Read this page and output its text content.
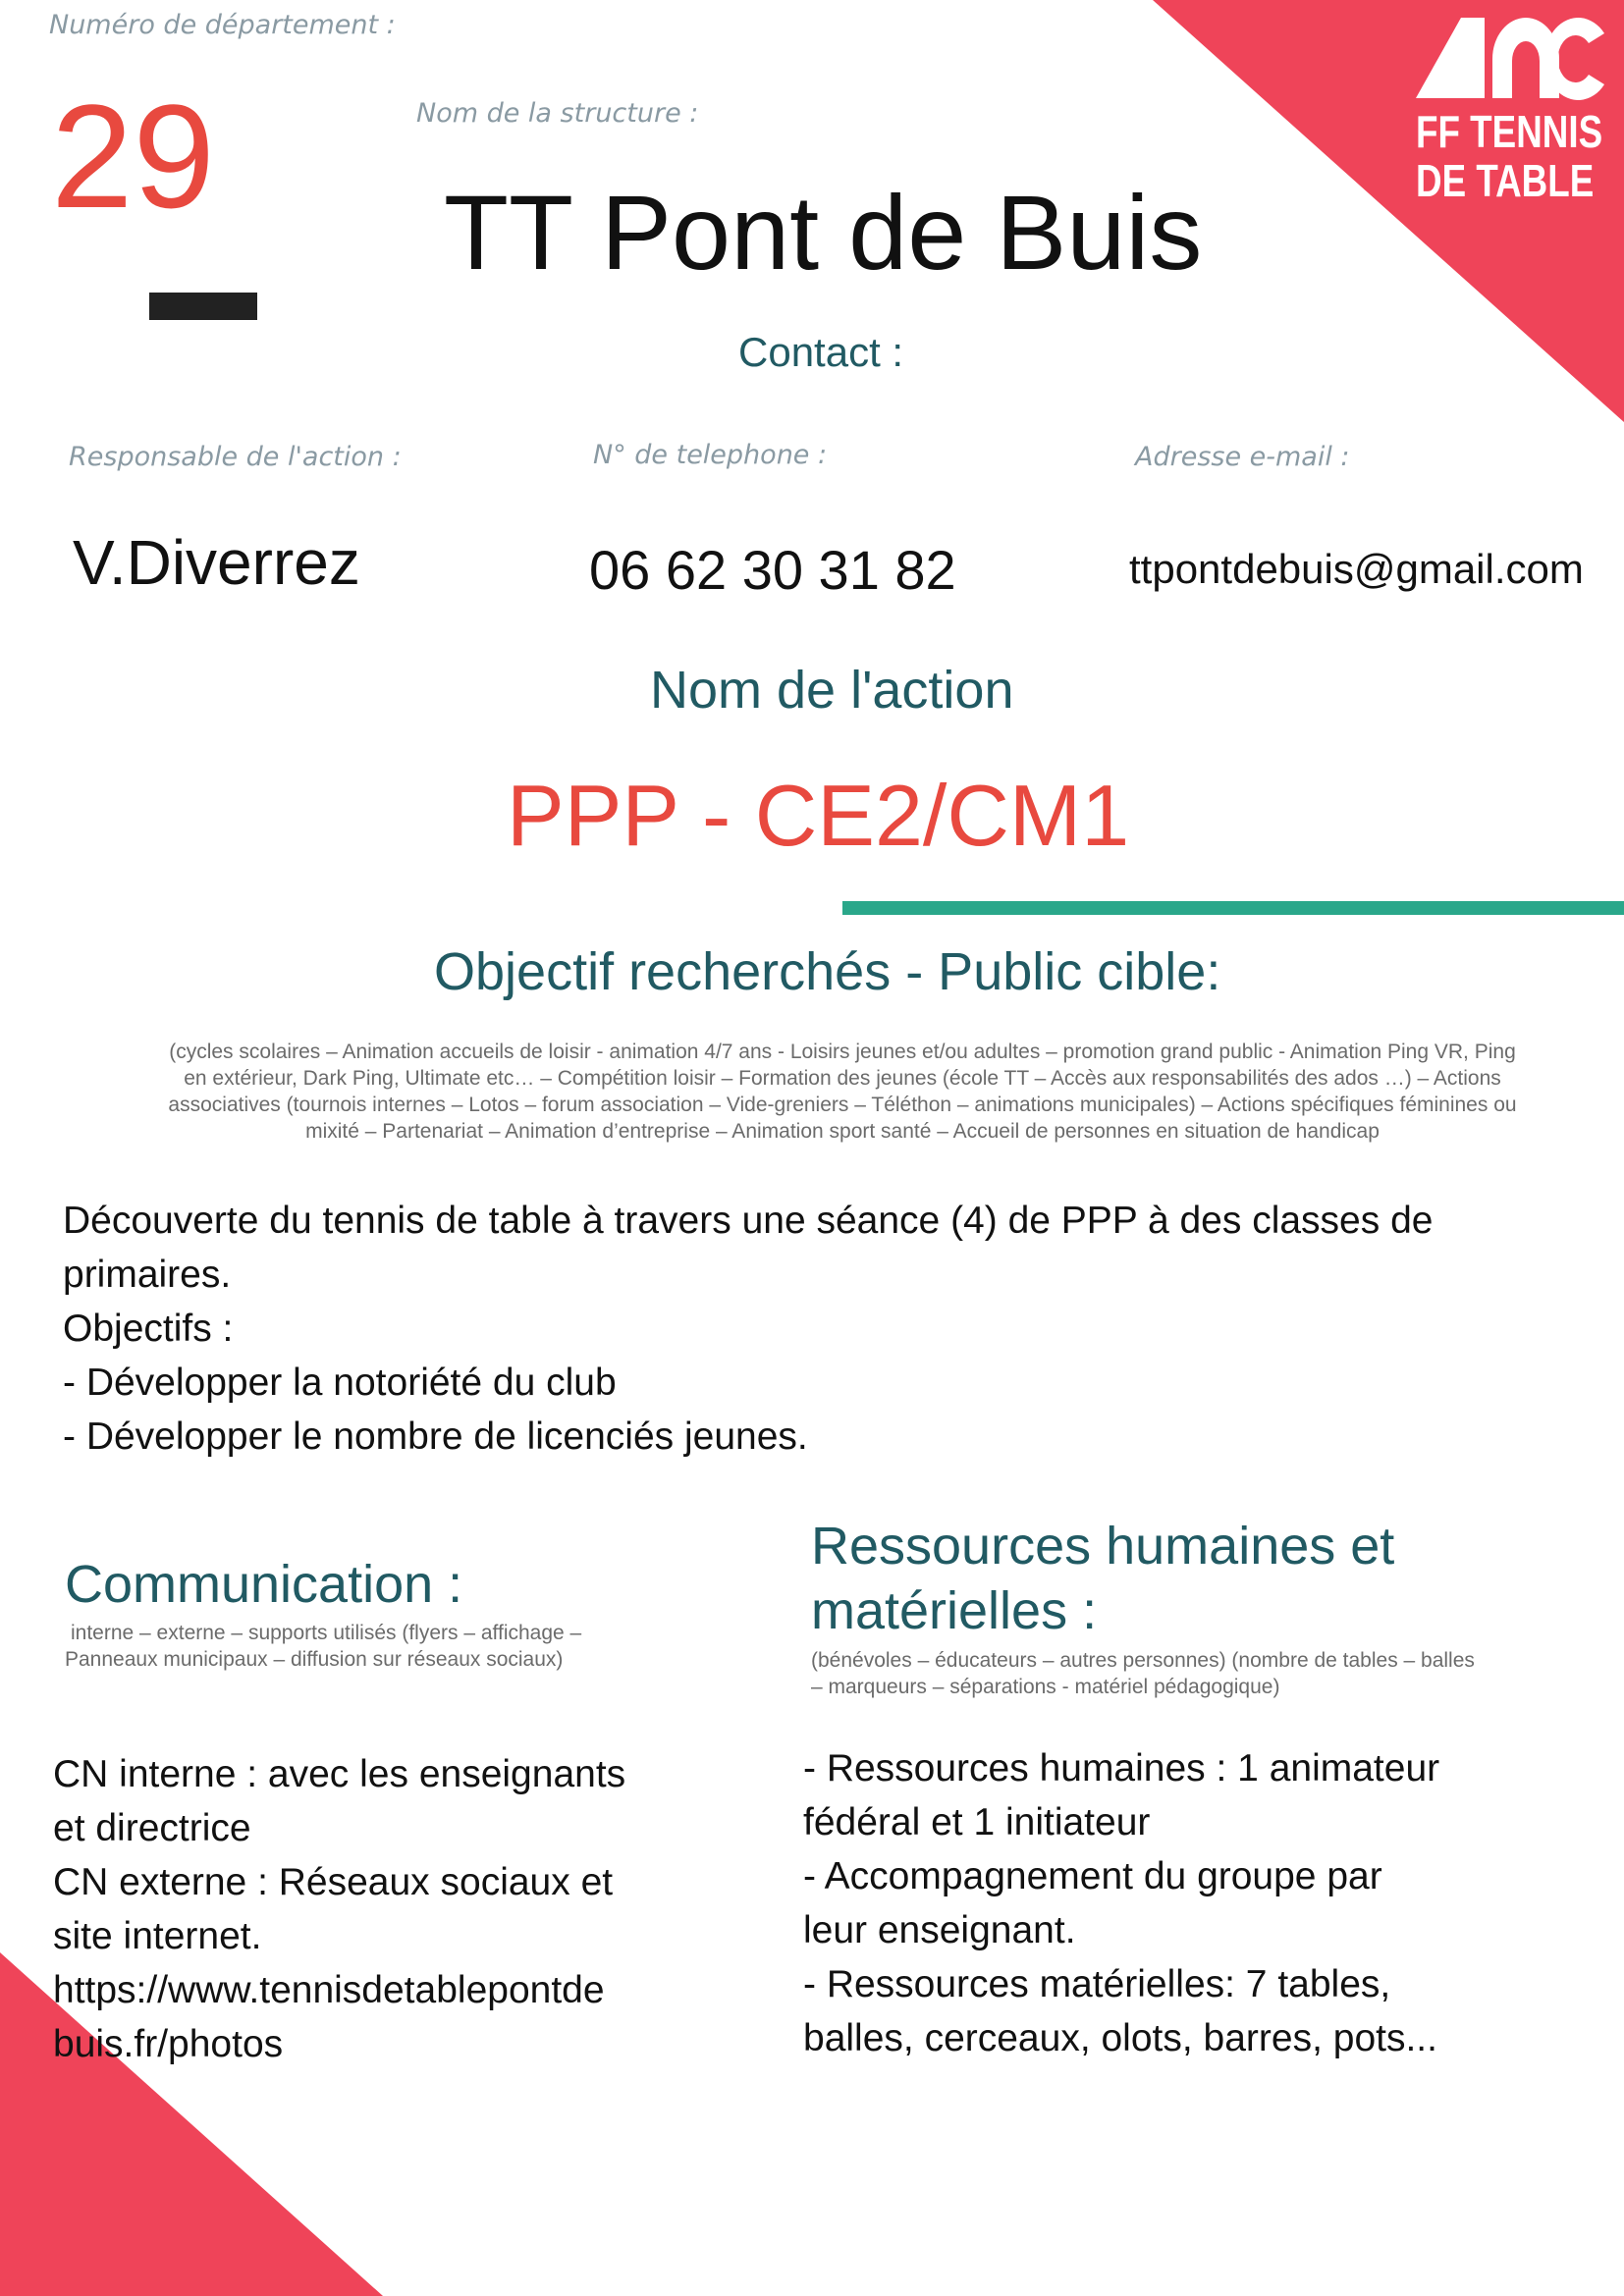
FF TENNIS
DE TABLE
Numéro de département :
29	Nom de la structure :
TT Pont de Buis
Contact :
Responsable de l'action :	N° de telephone :	Adresse e-mail :
V.Diverrez	06 62 30 31 82	ttpontdebuis@gmail.com
Nom de l'action
PPP - CE2/CM1
Objectif recherchés - Public cible:
(cycles scolaires – Animation accueils de loisir - animation 4/7 ans - Loisirs jeunes et/ou adultes – promotion grand public - Animation Ping VR, Ping en extérieur, Dark Ping, Ultimate etc… – Compétition loisir – Formation des jeunes (école TT – Accès aux responsabilités des ados …) – Actions associatives (tournois internes – Lotos – forum association – Vide-greniers – Téléthon – animations municipales) – Actions spécifiques féminines ou mixité – Partenariat – Animation d’entreprise – Animation sport santé – Accueil de personnes en situation de handicap
Découverte du tennis de table à travers une séance (4) de PPP à des classes de
primaires.
Objectifs :
- Développer la notoriété du club
- Développer le nombre de licenciés jeunes.
Communication :
interne – externe – supports utilisés (flyers – affichage –
Panneaux municipaux – diffusion sur réseaux sociaux)
CN interne : avec les enseignants
et directrice
CN externe : Réseaux sociaux et
site internet.
https://www.tennisdetablepontde
buis.fr/photos
Ressources humaines et
matérielles :
(bénévoles – éducateurs – autres personnes) (nombre de tables – balles
– marqueurs – séparations - matériel pédagogique)
- Ressources humaines : 1 animateur
fédéral et 1 initiateur
- Accompagnement du groupe par
leur enseignant.
- Ressources matérielles: 7 tables,
balles, cerceaux, olots, barres, pots...
